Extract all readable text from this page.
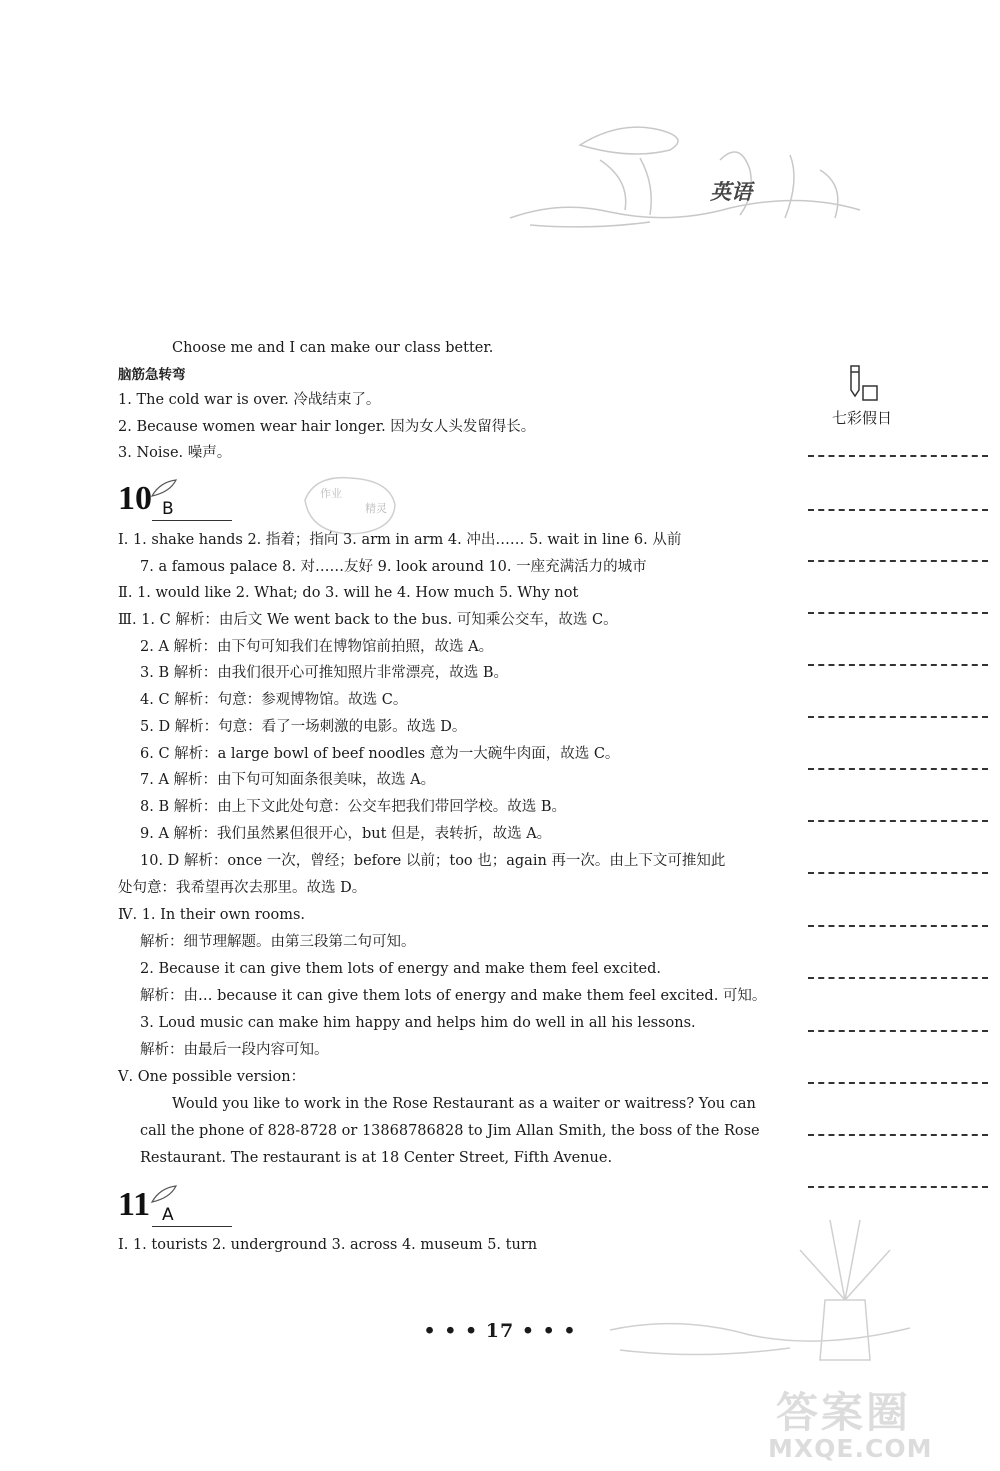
英语
七彩假日
作业
精灵
Choose me and I can make our class better.
脑筋急转弯
1. The cold war is over. 冷战结束了。
2. Because women wear hair longer. 因为女人头发留得长。
3. Noise. 噪声。
10 B
Ⅰ. 1. shake hands 2. 指着；指向 3. arm in arm 4. 冲出…… 5. wait in line 6. 从前
7. a famous palace 8. 对……友好 9. look around 10. 一座充满活力的城市
Ⅱ. 1. would like 2. What; do 3. will he 4. How much 5. Why not
Ⅲ. 1. C 解析：由后文 We went back to the bus. 可知乘公交车，故选 C。
2. A 解析：由下句可知我们在博物馆前拍照，故选 A。
3. B 解析：由我们很开心可推知照片非常漂亮，故选 B。
4. C 解析：句意：参观博物馆。故选 C。
5. D 解析：句意：看了一场刺激的电影。故选 D。
6. C 解析：a large bowl of beef noodles 意为一大碗牛肉面，故选 C。
7. A 解析：由下句可知面条很美味，故选 A。
8. B 解析：由上下文此处句意：公交车把我们带回学校。故选 B。
9. A 解析：我们虽然累但很开心，but 但是，表转折，故选 A。
10. D 解析：once 一次，曾经；before 以前；too 也；again 再一次。由上下文可推知此
处句意：我希望再次去那里。故选 D。
Ⅳ. 1. In their own rooms.
解析：细节理解题。由第三段第二句可知。
2. Because it can give them lots of energy and make them feel excited.
解析：由… because it can give them lots of energy and make them feel excited. 可知。
3. Loud music can make him happy and helps him do well in all his lessons.
解析：由最后一段内容可知。
Ⅴ. One possible version：
Would you like to work in the Rose Restaurant as a waiter or waitress? You can
call the phone of 828-8728 or 13868786828 to Jim Allan Smith, the boss of the Rose
Restaurant. The restaurant is at 18 Center Street, Fifth Avenue.
11 A
Ⅰ. 1. tourists 2. underground 3. across 4. museum 5. turn
• • • 17 • • •
答案圈
MXQE.COM
